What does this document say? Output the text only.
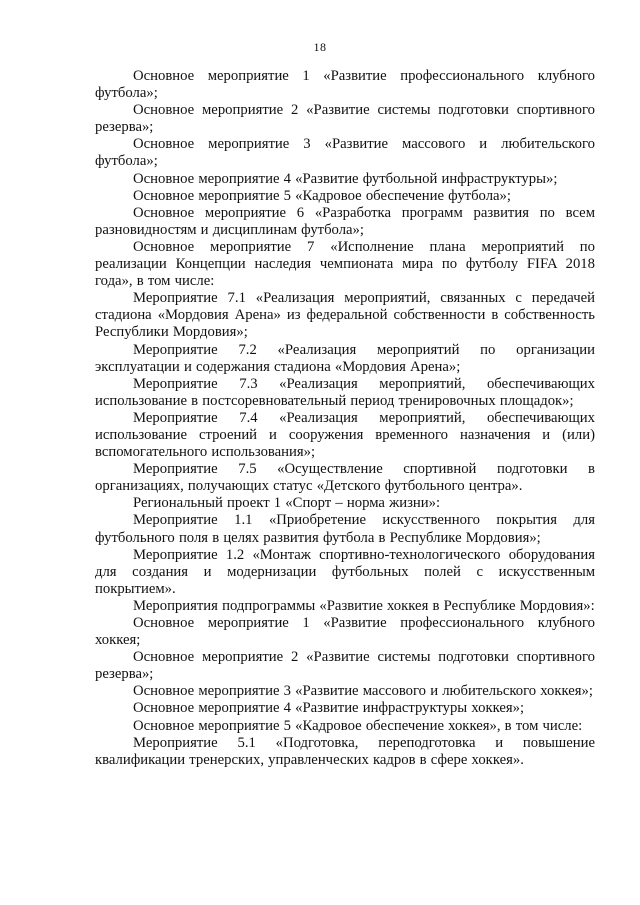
18

Основное мероприятие 1 «Развитие профессионального клубного футбола»;

Основное мероприятие 2 «Развитие системы подготовки спортивного резерва»;

Основное мероприятие 3 «Развитие массового и любительского футбола»;

Основное мероприятие 4 «Развитие футбольной инфраструктуры»;

Основное мероприятие 5 «Кадровое обеспечение футбола»;

Основное мероприятие 6 «Разработка программ развития по всем разновидностям и дисциплинам футбола»;

Основное мероприятие 7 «Исполнение плана мероприятий по реализации Концепции наследия чемпионата мира по футболу FIFA 2018 года», в том числе:

Мероприятие 7.1 «Реализация мероприятий, связанных с передачей стадиона «Мордовия Арена» из федеральной собственности в собственность Республики Мордовия»;

Мероприятие 7.2 «Реализация мероприятий по организации эксплуатации и содержания стадиона «Мордовия Арена»;

Мероприятие 7.3 «Реализация мероприятий, обеспечивающих использование в постсоревновательный период тренировочных площадок»;

Мероприятие 7.4 «Реализация мероприятий, обеспечивающих использование строений и сооружения временного назначения и (или) вспомогательного использования»;

Мероприятие 7.5 «Осуществление спортивной подготовки в организациях, получающих статус «Детского футбольного центра».

Региональный проект 1 «Спорт – норма жизни»:

Мероприятие 1.1 «Приобретение искусственного покрытия для футбольного поля в целях развития футбола в Республике Мордовия»;

Мероприятие 1.2 «Монтаж спортивно-технологического оборудования для создания и модернизации футбольных полей с искусственным покрытием».

Мероприятия подпрограммы «Развитие хоккея в Республике Мордовия»:

Основное мероприятие 1 «Развитие профессионального клубного хоккея;

Основное мероприятие 2 «Развитие системы подготовки спортивного резерва»;

Основное мероприятие 3 «Развитие массового и любительского хоккея»;

Основное мероприятие 4 «Развитие инфраструктуры хоккея»;

Основное мероприятие 5 «Кадровое обеспечение хоккея», в том числе:

Мероприятие 5.1 «Подготовка, переподготовка и повышение квалификации тренерских, управленческих кадров в сфере хоккея».
